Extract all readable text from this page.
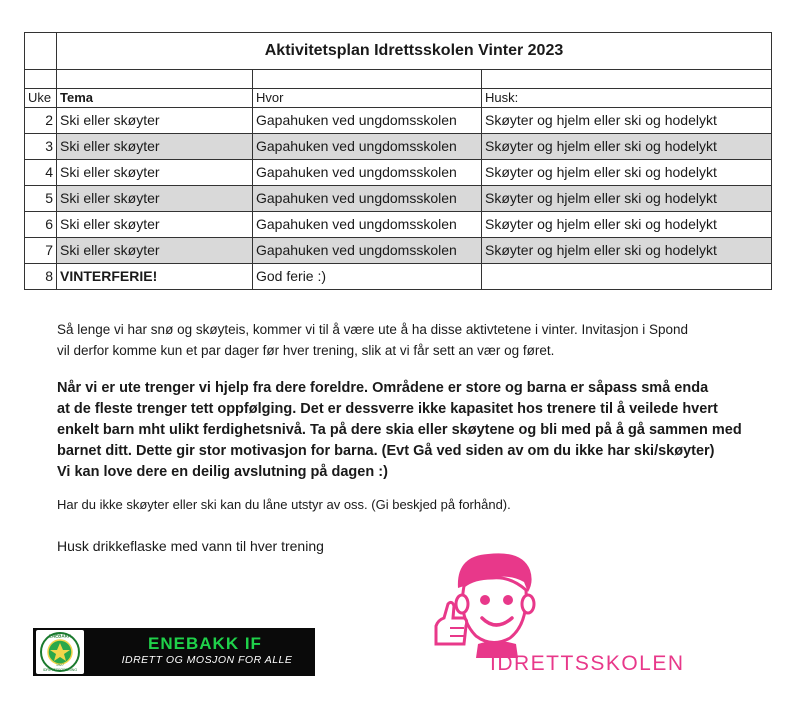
	Aktivitetsplan Idrettsskolen Vinter 2023		

Uke	Tema	Hvor	Husk:
2	Ski eller skøyter	Gapahuken ved ungdomsskolen	Skøyter og hjelm eller ski og hodelykt
3	Ski eller skøyter	Gapahuken ved ungdomsskolen	Skøyter og hjelm eller ski og hodelykt
4	Ski eller skøyter	Gapahuken ved ungdomsskolen	Skøyter og hjelm eller ski og hodelykt
5	Ski eller skøyter	Gapahuken ved ungdomsskolen	Skøyter og hjelm eller ski og hodelykt
6	Ski eller skøyter	Gapahuken ved ungdomsskolen	Skøyter og hjelm eller ski og hodelykt
7	Ski eller skøyter	Gapahuken ved ungdomsskolen	Skøyter og hjelm eller ski og hodelykt
8	VINTERFERIE!	God ferie :)	

Så lenge vi har snø og skøyteis, kommer vi til å være ute å ha disse aktivtetene i vinter. Invitasjon i Spond
vil derfor komme kun et par dager før hver trening, slik at vi får sett an vær og føret.

Når vi er ute trenger vi hjelp fra dere foreldre. Områdene er store og barna er såpass små enda
at de fleste trenger tett oppfølging. Det er dessverre ikke kapasitet hos trenere til å veilede hvert
enkelt barn mht ulikt ferdighetsnivå. Ta på dere skia eller skøytene og bli med på å gå sammen med
barnet ditt. Dette gir stor motivasjon for barna. (Evt Gå ved siden av om du ikke har ski/skøyter)
Vi kan love dere en deilig avslutning på dagen :)

Har du ikke skøyter eller ski kan du låne utstyr av oss. (Gi beskjed på forhånd).

Husk drikkeflaske med vann til hver trening

ENEBAKK
IDRETTSFORENING
1927
ENEBAKK IF
IDRETT OG MOSJON FOR ALLE	IDRETTSSKOLEN
